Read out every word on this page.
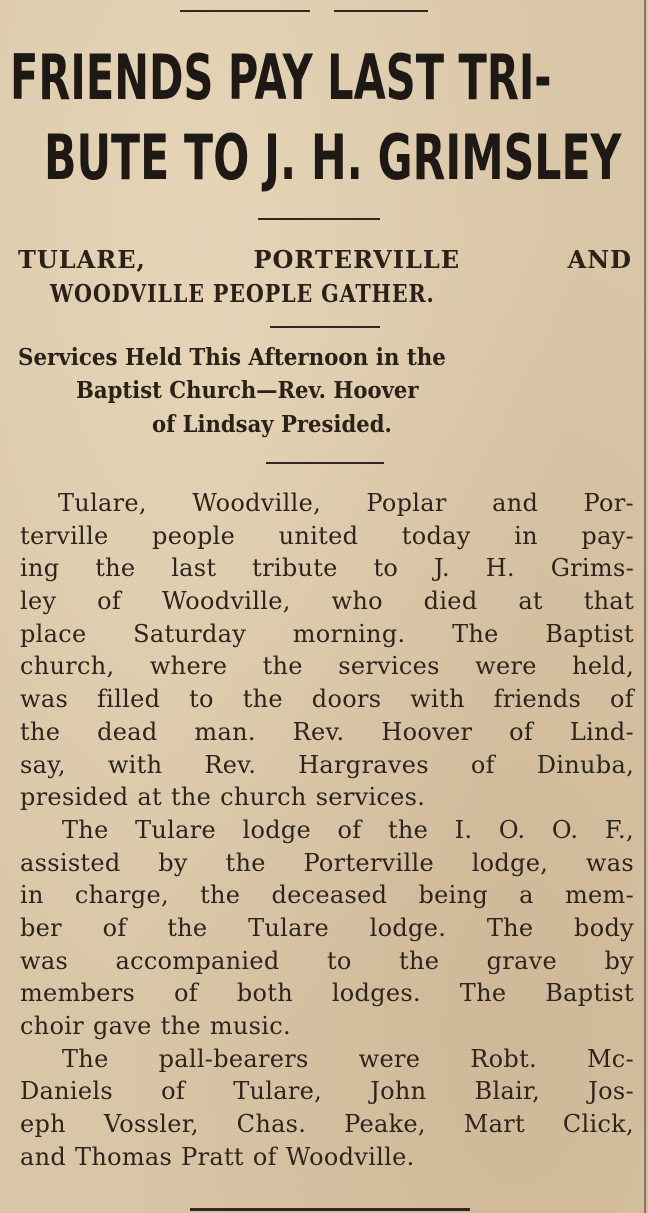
FRIENDS PAY LAST TRI-
BUTE TO J. H. GRIMSLEY
TULARE,	PORTERVILLE	AND
WOODVILLE PEOPLE GATHER.
Services Held This Afternoon in the
Baptist Church—Rev. Hoover
of Lindsay Presided.
Tulare, Woodville, Poplar and Por-
terville people united today in pay-
ing the last tribute to J. H. Grims-
ley of Woodville, who died at that
place Saturday morning. The Baptist
church, where the services were held,
was filled to the doors with friends of
the dead man. Rev. Hoover of Lind-
say, with Rev. Hargraves of Dinuba,
presided at the church services.
The Tulare lodge of the I. O. O. F.,
assisted by the Porterville lodge, was
in charge, the deceased being a mem-
ber of the Tulare lodge. The body
was accompanied to the grave by
members of both lodges. The Baptist
choir gave the music.
The pall-bearers were Robt. Mc-
Daniels of Tulare, John Blair, Jos-
eph Vossler, Chas. Peake, Mart Click,
and Thomas Pratt of Woodville.
